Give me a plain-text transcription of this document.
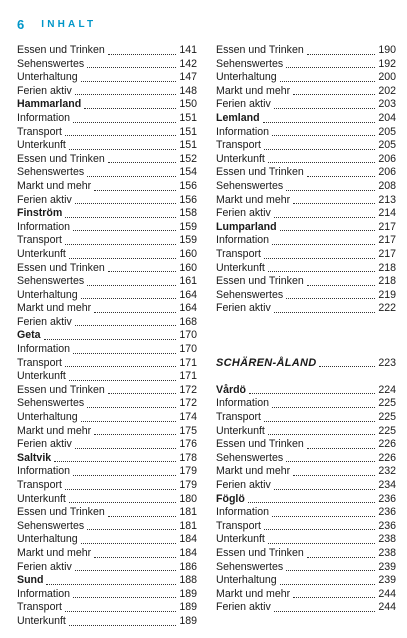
6 INHALT
Essen und Trinken	141
Sehenswertes	142
Unterhaltung	147
Ferien aktiv	148
Hammarland	150
Information	151
Transport	151
Unterkunft	151
Essen und Trinken	152
Sehenswertes	154
Markt und mehr	156
Ferien aktiv	156
Finström	158
Information	159
Transport	159
Unterkunft	160
Essen und Trinken	160
Sehenswertes	161
Unterhaltung	164
Markt und mehr	164
Ferien aktiv	168
Geta	170
Information	170
Transport	171
Unterkunft	171
Essen und Trinken	172
Sehenswertes	172
Unterhaltung	174
Markt und mehr	175
Ferien aktiv	176
Saltvik	178
Information	179
Transport	179
Unterkunft	180
Essen und Trinken	181
Sehenswertes	181
Unterhaltung	184
Markt und mehr	184
Ferien aktiv	186
Sund	188
Information	189
Transport	189
Unterkunft	189
Essen und Trinken	190
Sehenswertes	192
Unterhaltung	200
Markt und mehr	202
Ferien aktiv	203
Lemland	204
Information	205
Transport	205
Unterkunft	206
Essen und Trinken	206
Sehenswertes	208
Markt und mehr	213
Ferien aktiv	214
Lumparland	217
Information	217
Transport	217
Unterkunft	218
Essen und Trinken	218
Sehenswertes	219
Ferien aktiv	222
SCHÄREN-ÅLAND	223
Vårdö	224
Information	225
Transport	225
Unterkunft	225
Essen und Trinken	226
Sehenswertes	226
Markt und mehr	232
Ferien aktiv	234
Föglö	236
Information	236
Transport	236
Unterkunft	238
Essen und Trinken	238
Sehenswertes	239
Unterhaltung	239
Markt und mehr	244
Ferien aktiv	244
